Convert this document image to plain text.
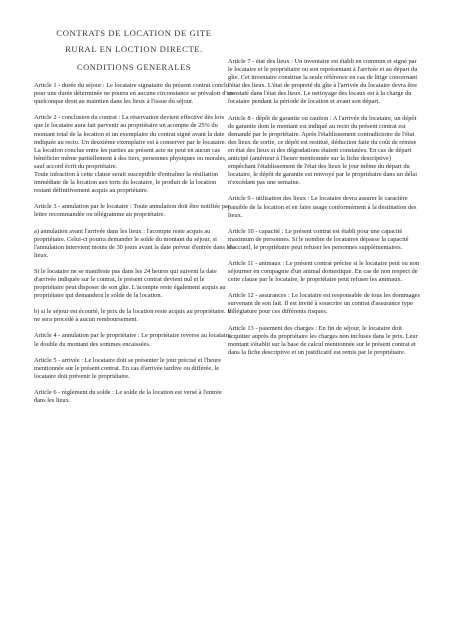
CONTRATS DE LOCATION DE GITE
RURAL EN LOCTION DIRECTE.
CONDITIONS GENERALES

Article 1 - durée du séjour : Le locataire signataire du présent contrat conclu pour une durée déterminée ne pourra en aucune circonstance se prévaloir d'un quelconque droit au maintien dans les lieux à l'issue du séjour.

Article 2 - conclusion du contrat : La réservation devient effective dès lors que le locataire aura fait parvenir au propriétaire un acompte de 25% du montant total de la location et un exemplaire du contrat signé avant la date indiquée au recto. Un deuxième exemplaire est à conserver par le locataire.

La location conclue entre les parties au présent acte ne peut en aucun cas bénéficier même partiellement à des tiers, personnes physiques ou morales, sauf accord écrit du propriétaire.

Toute infraction à cette clause serait susceptible d'entraîner la résiliation immédiate de la location aux torts du locataire, le produit de la location restant définitivement acquis au propriétaire.

Article 3 - annulation par le locataire : Toute annulation doit être notifiée par lettre recommandée ou télégramme au propriétaire.

a) annulation avant l'arrivée dans les lieux : l'acompte reste acquis au propriétaire. Celui-ci pourra demander le solde du montant du séjour, si l'annulation intervient moins de 30 jours avant la date prévue d'entrée dans les lieux.

Si le locataire ne se manifeste pas dans les 24 heures qui suivent la date d'arrivée indiquée sur le contrat, le présent contrat devient nul et le propriétaire peut disposer de son gîte. L'acompte reste également acquis au propriétaire qui demandera le solde de la location.

b) si le séjour est écourté, le prix de la location reste acquis au propriétaire. Il ne sera procédé à aucun remboursement.

Article 4 - annulation par le propriétaire : Le propriétaire reverse au locataire le double du montant des sommes encaissées.

Article 5 - arrivée : Le locataire doit se présenter le jour précisé et l'heure mentionnée sur le présent contrat. En cas d'arrivée tardive ou différée, le locataire doit prévenir le propriétaire.

Article 6 - règlement du solde : Le solde de la location est versé à l'entrée dans les lieux.

Article 7 - état des lieux : Un inventaire est établi en commun et signé par le locataire et le propriétaire ou son représentant à l'arrivée et au départ du gîte. Cet inventaire constitue la seule référence en cas de litige concernant l'état des lieux. L'état de propreté du gîte à l'arrivée du locataire devra être constaté dans l'état des lieux. Le nettoyage des locaux est à la charge du locataire pendant la période de location et avant son départ.

Article 8 - dépôt de garantie ou caution : A l'arrivée du locataire, un dépôt de garantie dont le montant est indiqué au recto du présent contrat est demandé par le propriétaire. Après l'établissement contradictoire de l'état des lieux de sortie, ce dépôt est restitué, déduction faite du coût de remise en état des lieux si des dégradations étaient constatées. En cas de départ anticipé (antérieur à l'heure mentionnée sur la fiche descriptive) empêchant l'établissement de l'état des lieux le jour même du départ du locataire, le dépôt de garantie est renvoyé par le propriétaire dans un délai n'excédant pas une semaine.

Article 9 - utilisation des lieux : Le locataire devra assurer le caractère paisible de la location et en faire usage conformément à la destination des lieux.

Article 10 - capacité : Le présent contrat est établi pour une capacité maximum de personnes. Si le nombre de locataires dépasse la capacité d'accueil, le propriétaire peut refuser les personnes supplémentaires.

Article 11 - animaux : Le présent contrat précise si le locataire peut ou non séjourner en compagnie d'un animal domestique. En cas de non respect de cette clause par le locataire, le propriétaire peut refuser les animaux.

Article 12 - assurances : Le locataire est responsable de tous les dommages survenant de son fait. Il est invité à souscrire un contrat d'assurance type villégiature pour ces différents risques.

Article 13 - paiement des charges : En fin de séjour, le locataire doit acquitter auprès du propriétaire les charges non incluses dans le prix. Leur montant s'établit sur la base de calcul mentionnée sur le présent contrat et dans la fiche descriptive et un justificatif est remis par le propriétaire.
